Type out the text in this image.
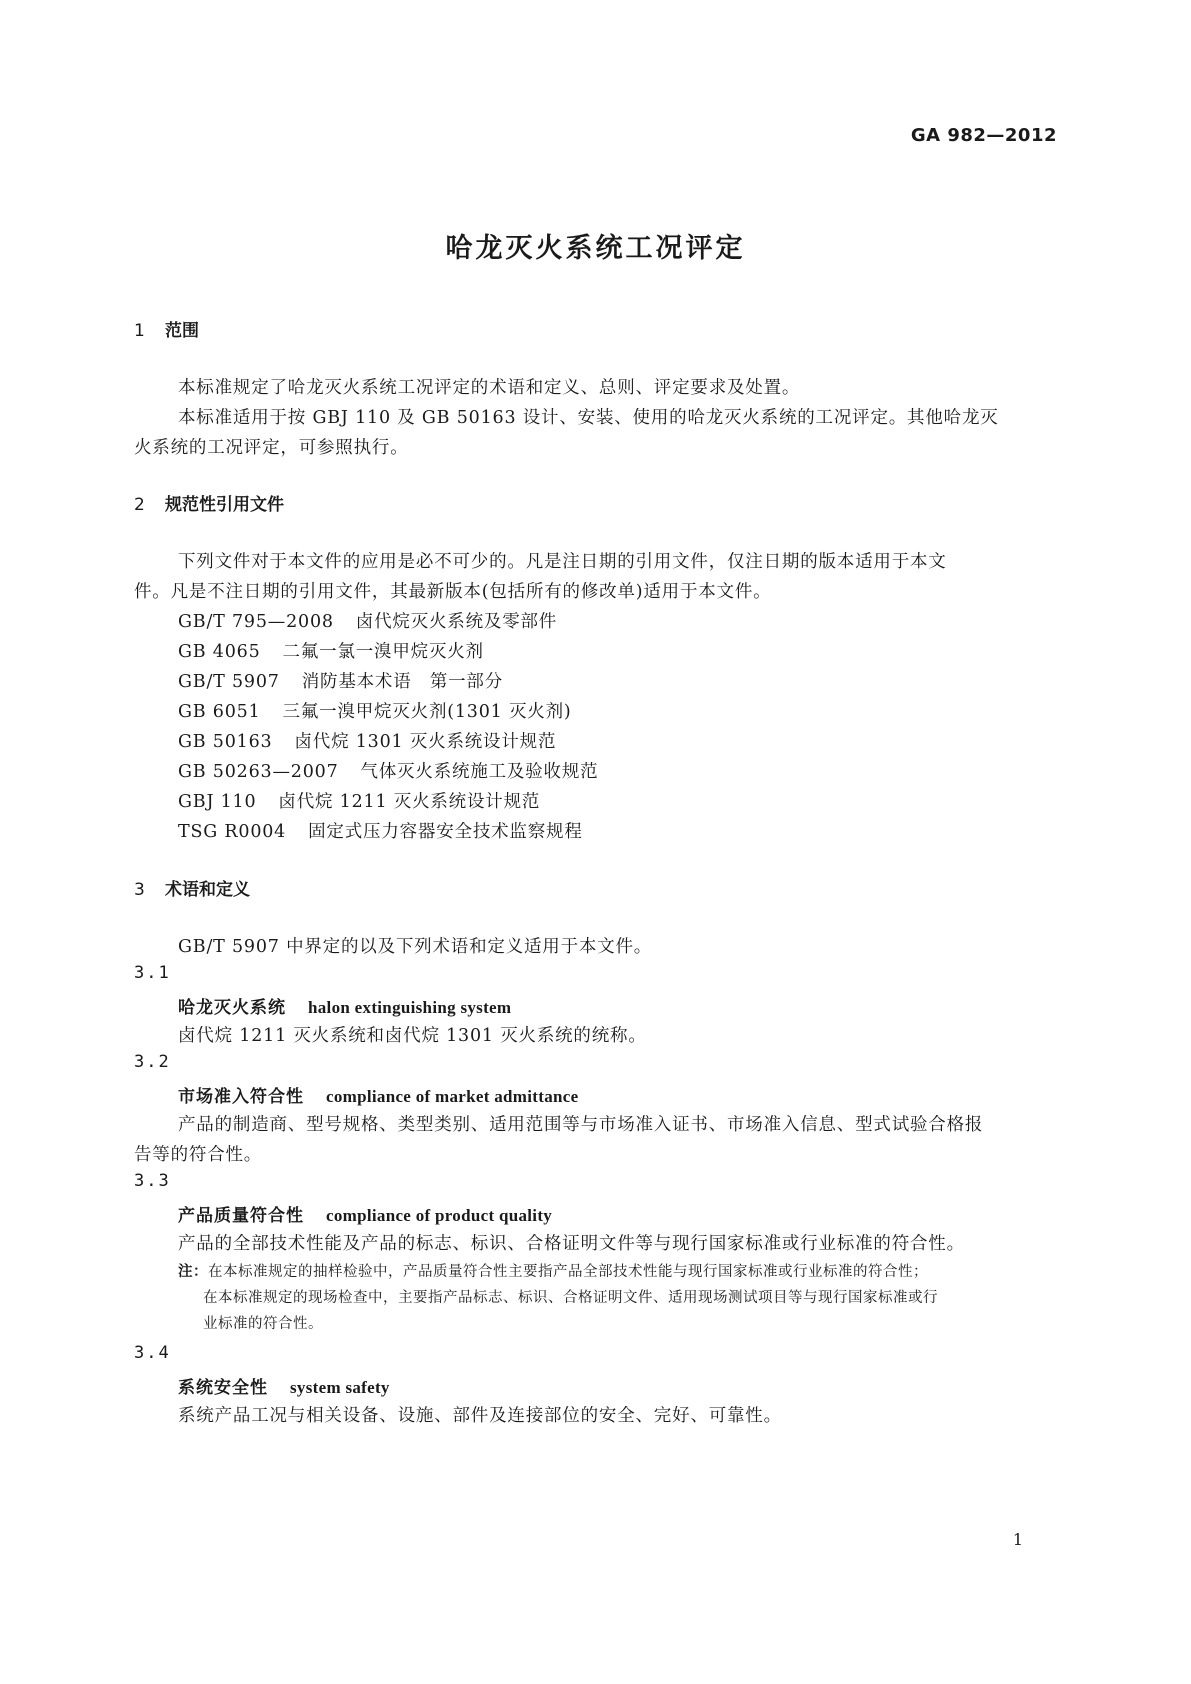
GA 982—2012
哈龙灭火系统工况评定
1 范围
本标准规定了哈龙灭火系统工况评定的术语和定义、总则、评定要求及处置。
本标准适用于按 GBJ 110 及 GB 50163 设计、安装、使用的哈龙灭火系统的工况评定。其他哈龙灭
火系统的工况评定，可参照执行。
2 规范性引用文件
下列文件对于本文件的应用是必不可少的。凡是注日期的引用文件，仅注日期的版本适用于本文
件。凡是不注日期的引用文件，其最新版本(包括所有的修改单)适用于本文件。
GB/T 795—2008 卤代烷灭火系统及零部件
GB 4065 二氟一氯一溴甲烷灭火剂
GB/T 5907 消防基本术语　第一部分
GB 6051 三氟一溴甲烷灭火剂(1301 灭火剂)
GB 50163 卤代烷 1301 灭火系统设计规范
GB 50263—2007 气体灭火系统施工及验收规范
GBJ 110 卤代烷 1211 灭火系统设计规范
TSG R0004 固定式压力容器安全技术监察规程
3 术语和定义
GB/T 5907 中界定的以及下列术语和定义适用于本文件。
3.1
哈龙灭火系统 halon extinguishing system
卤代烷 1211 灭火系统和卤代烷 1301 灭火系统的统称。
3.2
市场准入符合性 compliance of market admittance
产品的制造商、型号规格、类型类别、适用范围等与市场准入证书、市场准入信息、型式试验合格报
告等的符合性。
3.3
产品质量符合性 compliance of product quality
产品的全部技术性能及产品的标志、标识、合格证明文件等与现行国家标准或行业标准的符合性。
注：在本标准规定的抽样检验中，产品质量符合性主要指产品全部技术性能与现行国家标准或行业标准的符合性；
在本标准规定的现场检查中，主要指产品标志、标识、合格证明文件、适用现场测试项目等与现行国家标准或行
业标准的符合性。
3.4
系统安全性 system safety
系统产品工况与相关设备、设施、部件及连接部位的安全、完好、可靠性。
1
